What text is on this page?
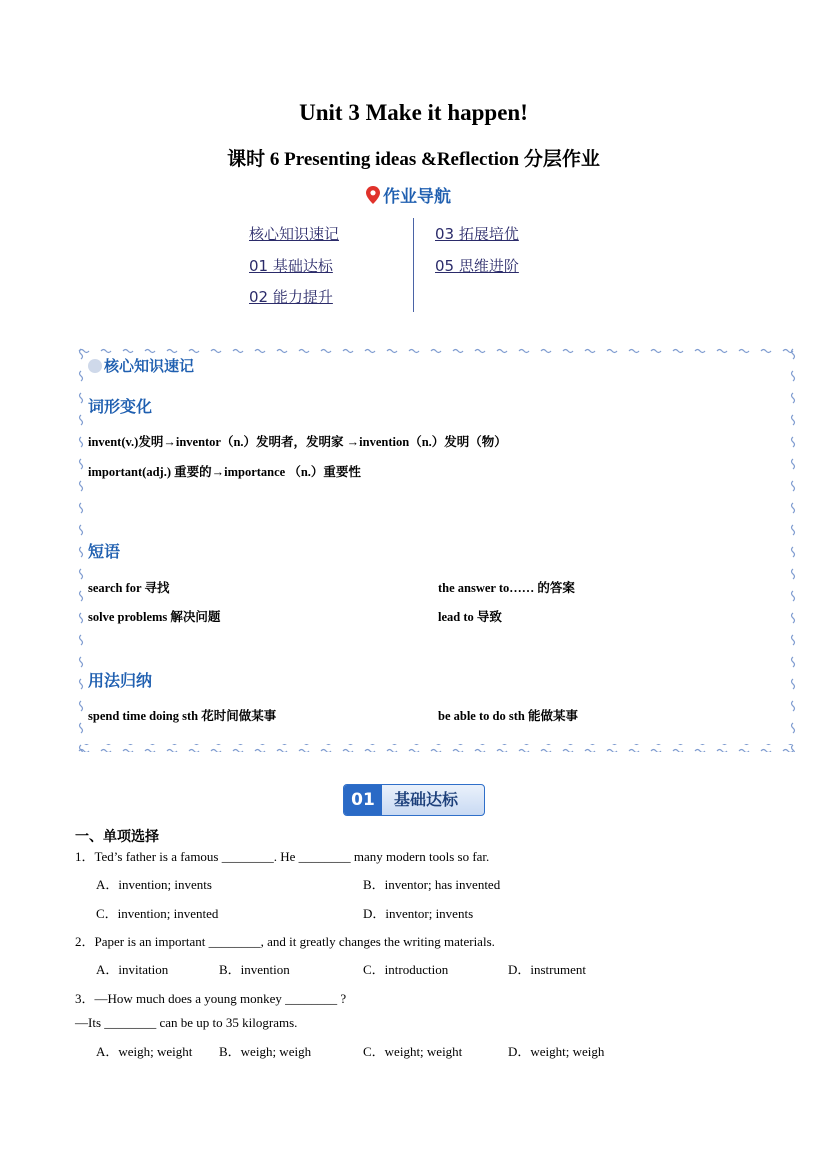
Unit 3 Make it happen!
课时 6 Presenting ideas &Reflection 分层作业
作业导航
核心知识速记
01 基础达标
02 能力提升
03 拓展培优
05 思维进阶
核心知识速记
词形变化
invent(v.)发明→inventor（n.）发明者，发明家 →invention（n.）发明（物）
important(adj.) 重要的→importance （n.）重要性
短语
search for 寻找	the answer to…… 的答案
solve problems 解决问题	lead to 导致
用法归纳
spend time doing sth 花时间做某事	be able to do sth 能做某事
01	基础达标
一、单项选择
1．Ted’s father is a famous ________. He ________ many modern tools so far.
A．invention; invents	B．inventor; has invented
C．invention; invented	D．inventor; invents
2．Paper is an important ________, and it greatly changes the writing materials.
A．invitation	B．invention	C．introduction	D．instrument
3．—How much does a young monkey ________ ?
—Its ________ can be up to 35 kilograms.
A．weigh; weight B．weigh; weigh	C．weight; weight	D．weight; weigh
